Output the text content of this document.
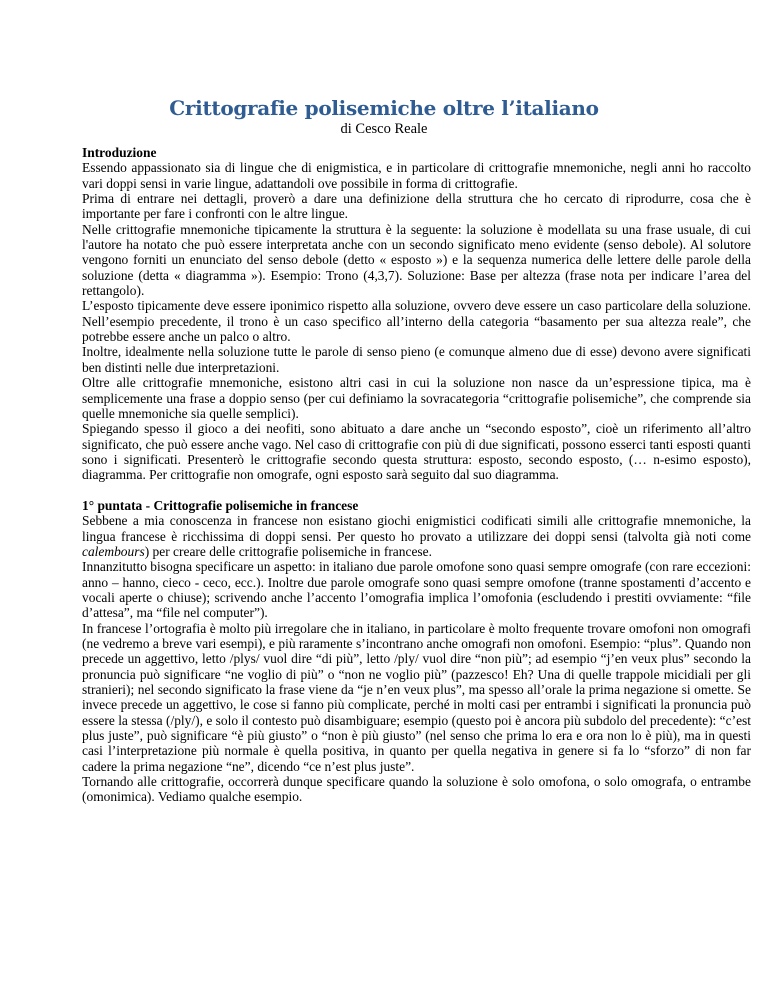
Crittografie polisemiche oltre l’italiano
di Cesco Reale
Introduzione

Essendo appassionato sia di lingue che di enigmistica, e in particolare di crittografie mnemoniche, negli anni ho raccolto vari doppi sensi in varie lingue, adattandoli ove possibile in forma di crittografie.

Prima di entrare nei dettagli, proverò a dare una definizione della struttura che ho cercato di riprodurre, cosa che è importante per fare i confronti con le altre lingue.

Nelle crittografie mnemoniche tipicamente la struttura è la seguente: la soluzione è modellata su una frase usuale, di cui l'autore ha notato che può essere interpretata anche con un secondo significato meno evidente (senso debole). Al solutore vengono forniti un enunciato del senso debole (detto « esposto ») e la sequenza numerica delle lettere delle parole della soluzione (detta « diagramma »). Esempio: Trono (4,3,7). Soluzione: Base per altezza (frase nota per indicare l’area del rettangolo).

L’esposto tipicamente deve essere iponimico rispetto alla soluzione, ovvero deve essere un caso particolare della soluzione. Nell’esempio precedente, il trono è un caso specifico all’interno della categoria “basamento per sua altezza reale”, che potrebbe essere anche un palco o altro.

Inoltre, idealmente nella soluzione tutte le parole di senso pieno (e comunque almeno due di esse) devono avere significati ben distinti nelle due interpretazioni.

Oltre alle crittografie mnemoniche, esistono altri casi in cui la soluzione non nasce da un’espressione tipica, ma è semplicemente una frase a doppio senso (per cui definiamo la sovracategoria “crittografie polisemiche”, che comprende sia quelle mnemoniche sia quelle semplici).

Spiegando spesso il gioco a dei neofiti, sono abituato a dare anche un “secondo esposto”, cioè un riferimento all’altro significato, che può essere anche vago. Nel caso di crittografie con più di due significati, possono esserci tanti esposti quanti sono i significati. Presenterò le crittografie secondo questa struttura: esposto, secondo esposto, (… n-esimo esposto), diagramma. Per crittografie non omografe, ogni esposto sarà seguito dal suo diagramma.

1° puntata - Crittografie polisemiche in francese

Sebbene a mia conoscenza in francese non esistano giochi enigmistici codificati simili alle crittografie mnemoniche, la lingua francese è ricchissima di doppi sensi. Per questo ho provato a utilizzare dei doppi sensi (talvolta già noti come calembours) per creare delle crittografie polisemiche in francese.

Innanzitutto bisogna specificare un aspetto: in italiano due parole omofone sono quasi sempre omografe (con rare eccezioni: anno – hanno, cieco - ceco, ecc.). Inoltre due parole omografe sono quasi sempre omofone (tranne spostamenti d’accento e vocali aperte o chiuse); scrivendo anche l’accento l’omografia implica l’omofonia (escludendo i prestiti ovviamente: “file d’attesa”, ma “file nel computer”).

In francese l’ortografia è molto più irregolare che in italiano, in particolare è molto frequente trovare omofoni non omografi (ne vedremo a breve vari esempi), e più raramente s’incontrano anche omografi non omofoni. Esempio: “plus”. Quando non precede un aggettivo, letto /plys/ vuol dire “di più”, letto /ply/ vuol dire “non più”; ad esempio “j’en veux plus” secondo la pronuncia può significare “ne voglio di più” o “non ne voglio più” (pazzesco! Eh? Una di quelle trappole micidiali per gli stranieri); nel secondo significato la frase viene da “je n’en veux plus”, ma spesso all’orale la prima negazione si omette. Se invece precede un aggettivo, le cose si fanno più complicate, perché in molti casi per entrambi i significati la pronuncia può essere la stessa (/ply/), e solo il contesto può disambiguare; esempio (questo poi è ancora più subdolo del precedente): “c’est plus juste”, può significare “è più giusto” o “non è più giusto” (nel senso che prima lo era e ora non lo è più), ma in questi casi l’interpretazione più normale è quella positiva, in quanto per quella negativa in genere si fa lo “sforzo” di non far cadere la prima negazione “ne”, dicendo “ce n’est plus juste”.

Tornando alle crittografie, occorrerà dunque specificare quando la soluzione è solo omofona, o solo omografa, o entrambe (omonimica). Vediamo qualche esempio.
